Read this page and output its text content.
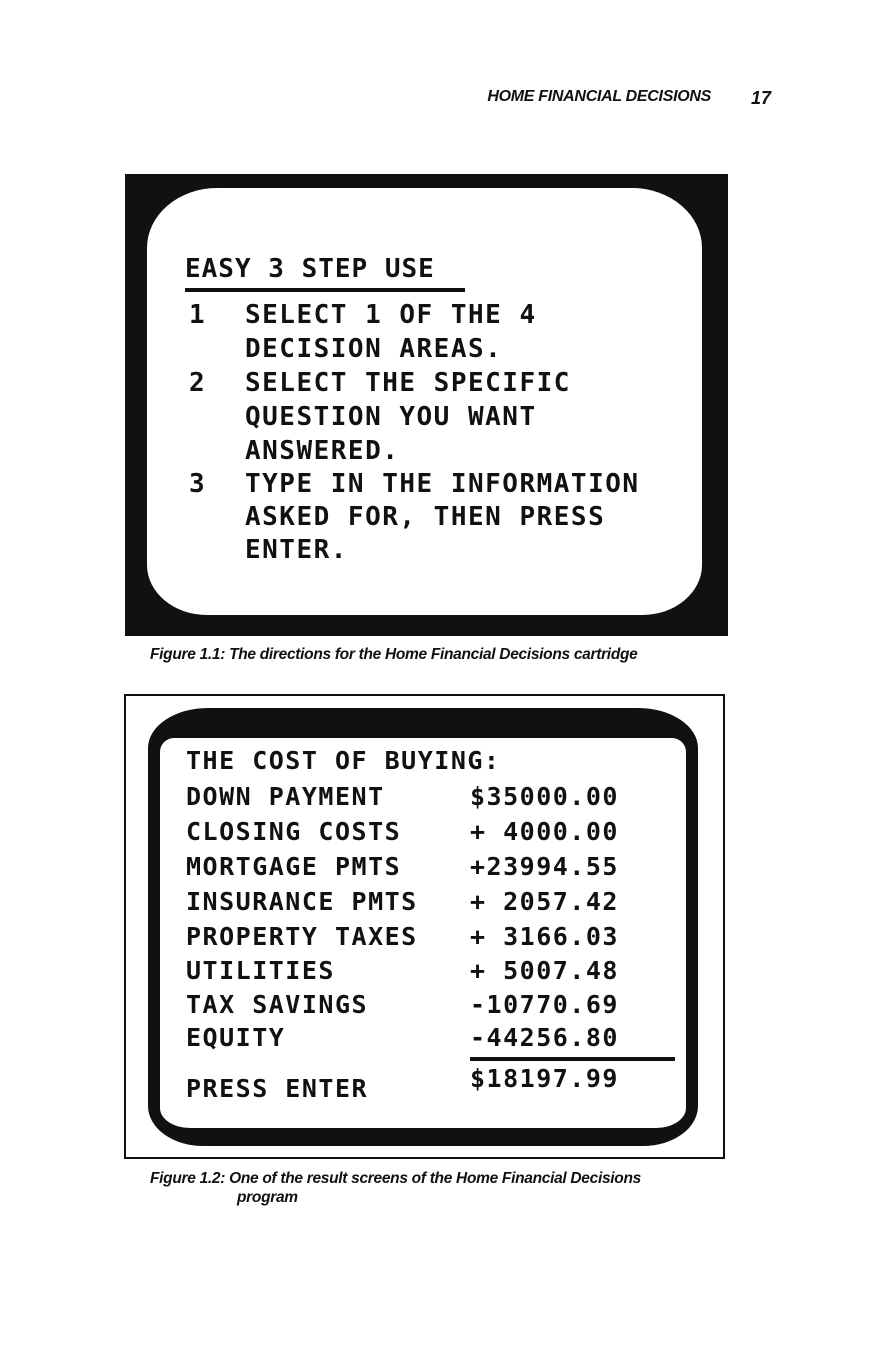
HOME FINANCIAL DECISIONS 17
EASY 3 STEP USE
1 SELECT 1 OF THE 4
DECISION AREAS.
2 SELECT THE SPECIFIC
QUESTION YOU WANT
ANSWERED.
3 TYPE IN THE INFORMATION
ASKED FOR, THEN PRESS
ENTER.
Figure 1.1: The directions for the Home Financial Decisions cartridge
THE COST OF BUYING:
DOWN PAYMENT	$35000.00
CLOSING COSTS	+ 4000.00
MORTGAGE PMTS	+23994.55
INSURANCE PMTS + 2057.42
PROPERTY TAXES + 3166.03
UTILITIES	+ 5007.48
TAX SAVINGS	-10770.69
EQUITY	-44256.80
$18197.99
PRESS ENTER
Figure 1.2: One of the result screens of the Home Financial Decisions
program
